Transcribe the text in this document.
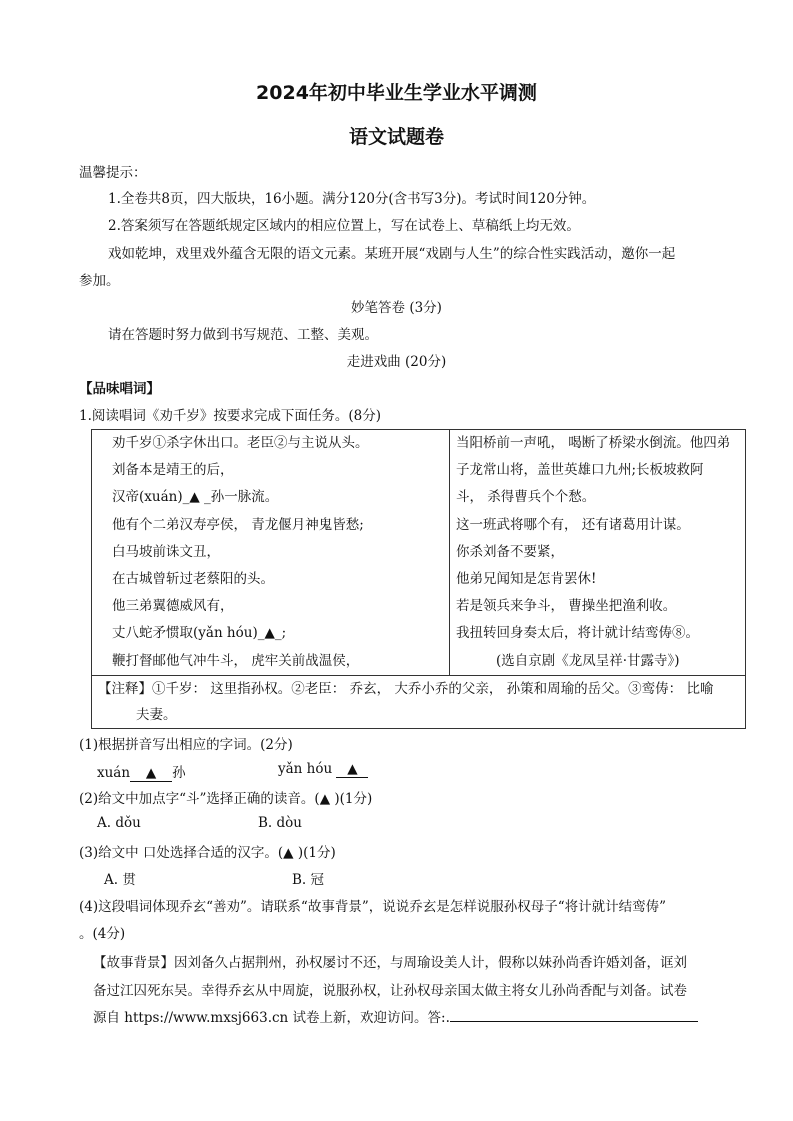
2024年初中毕业生学业水平调测
语文试题卷
温馨提示：
1.全卷共8页，四大版块，16小题。满分120分(含书写3分)。考试时间120分钟。
2.答案须写在答题纸规定区域内的相应位置上，写在试卷上、草稿纸上均无效。
戏如乾坤，戏里戏外蕴含无限的语文元素。某班开展“戏剧与人生”的综合性实践活动，邀你一起
参加。
妙笔答卷 (3分)
请在答题时努力做到书写规范、工整、美观。
走进戏曲 (20分)
【品味唱词】
1.阅读唱词《劝千岁》按要求完成下面任务。(8分)
劝千岁①杀字休出口。老臣②与主说从头。
刘备本是靖王的后，
汉帝(xuán)_▲ _孙一脉流。
他有个二弟汉寿亭侯， 青龙偃月神鬼皆愁;
白马坡前诛文丑，
在古城曾斩过老蔡阳的头。
他三弟翼德威风有，
丈八蛇矛惯取(yǎn hóu)_▲_;
鞭打督邮他气冲牛斗， 虎牢关前战温侯，

当阳桥前一声吼， 喝断了桥梁水倒流。他四弟
子龙常山将，盖世英雄口九州;长板坡救阿
斗， 杀得曹兵个个愁。
这一班武将哪个有， 还有诸葛用计谋。
你杀刘备不要紧，
他弟兄闻知是怎肯罢休!
若是领兵来争斗， 曹操坐把渔利收。
我扭转回身奏太后，将计就计结鸾俦⑧。
(选自京剧《龙凤呈祥·甘露寺》)

【注释】①千岁： 这里指孙权。②老臣： 乔玄， 大乔小乔的父亲， 孙策和周瑜的岳父。③鸾俦： 比喻
夫妻。
(1)根据拼音写出相应的字词。(2分)
xuán ▲ 孙	yǎn hóu ▲
(2)给文中加点字“斗”选择正确的读音。(▲ )(1分)
A. dǒu	B. dòu
(3)给文中 口处选择合适的汉字。(▲ )(1分)
A. 贯	B. 冠
(4)这段唱词体现乔玄“善劝”。请联系“故事背景”，说说乔玄是怎样说服孙权母子“将计就计结鸾俦”
。(4分)
【故事背景】因刘备久占据荆州，孙权屡讨不还，与周瑜设美人计，假称以妹孙尚香许婚刘备，诓刘
备过江囚死东吴。幸得乔玄从中周旋，说服孙权，让孙权母亲国太做主将女儿孙尚香配与刘备。试卷
源自 https://www.mxsj663.cn 试卷上新，欢迎访问。答:.
